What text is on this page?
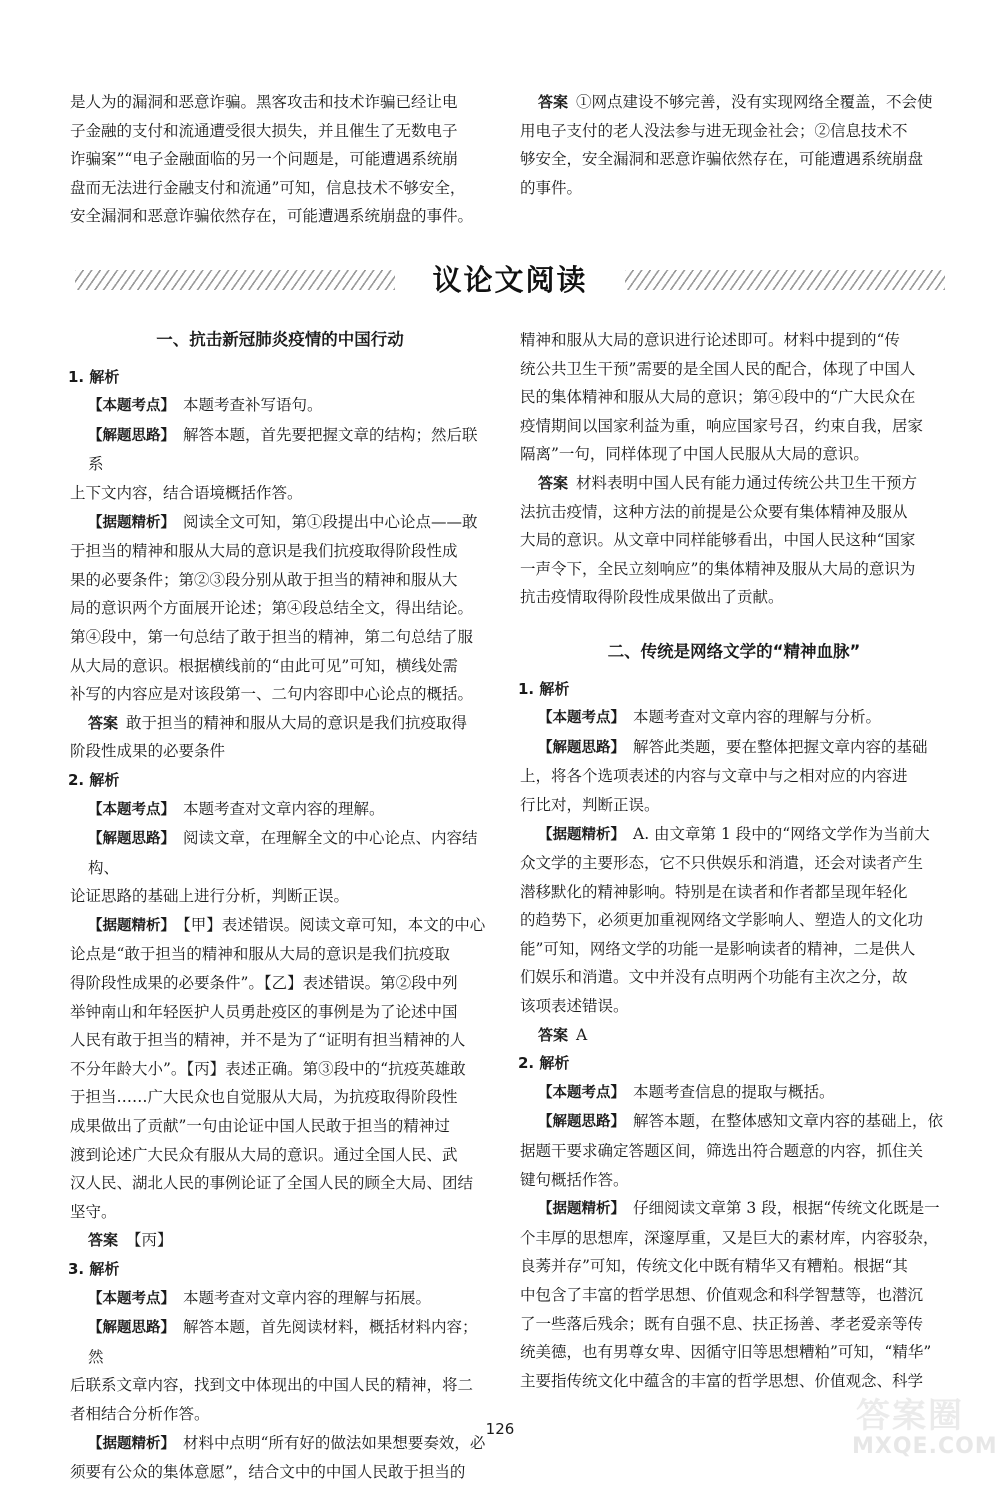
是人为的漏洞和恶意诈骗。黑客攻击和技术诈骗已经让电
子金融的支付和流通遭受很大损失，并且催生了无数电子
诈骗案”“电子金融面临的另一个问题是，可能遭遇系统崩
盘而无法进行金融支付和流通”可知，信息技术不够安全，
安全漏洞和恶意诈骗依然存在，可能遭遇系统崩盘的事件。
答案 ①网点建设不够完善，没有实现网络全覆盖，不会使
用电子支付的老人没法参与进无现金社会；②信息技术不
够安全，安全漏洞和恶意诈骗依然存在，可能遭遇系统崩盘
的事件。
议论文阅读
一、抗击新冠肺炎疫情的中国行动
1. 解析
【本题考点】 本题考查补写语句。
【解题思路】 解答本题，首先要把握文章的结构；然后联系
上下文内容，结合语境概括作答。
【据题精析】 阅读全文可知，第①段提出中心论点——敢
于担当的精神和服从大局的意识是我们抗疫取得阶段性成
果的必要条件；第②③段分别从敢于担当的精神和服从大
局的意识两个方面展开论述；第④段总结全文，得出结论。
第④段中，第一句总结了敢于担当的精神，第二句总结了服
从大局的意识。根据横线前的“由此可见”可知，横线处需
补写的内容应是对该段第一、二句内容即中心论点的概括。
答案 敢于担当的精神和服从大局的意识是我们抗疫取得
阶段性成果的必要条件
2. 解析
【本题考点】 本题考查对文章内容的理解。
【解题思路】 阅读文章，在理解全文的中心论点、内容结构、
论证思路的基础上进行分析，判断正误。
【据题精析】 【甲】表述错误。阅读文章可知，本文的中心
论点是“敢于担当的精神和服从大局的意识是我们抗疫取
得阶段性成果的必要条件”。【乙】表述错误。第②段中列
举钟南山和年轻医护人员勇赴疫区的事例是为了论述中国
人民有敢于担当的精神，并不是为了“证明有担当精神的人
不分年龄大小”。【丙】表述正确。第③段中的“抗疫英雄敢
于担当……广大民众也自觉服从大局，为抗疫取得阶段性
成果做出了贡献”一句由论证中国人民敢于担当的精神过
渡到论述广大民众有服从大局的意识。通过全国人民、武
汉人民、湖北人民的事例论证了全国人民的顾全大局、团结
坚守。
答案 【丙】
3. 解析
【本题考点】 本题考查对文章内容的理解与拓展。
【解题思路】 解答本题，首先阅读材料，概括材料内容；然
后联系文章内容，找到文中体现出的中国人民的精神，将二
者相结合分析作答。
【据题精析】 材料中点明“所有好的做法如果想要奏效，必
须要有公众的集体意愿”，结合文中的中国人民敢于担当的
精神和服从大局的意识进行论述即可。材料中提到的“传
统公共卫生干预”需要的是全国人民的配合，体现了中国人
民的集体精神和服从大局的意识；第④段中的“广大民众在
疫情期间以国家利益为重，响应国家号召，约束自我，居家
隔离”一句，同样体现了中国人民服从大局的意识。
答案 材料表明中国人民有能力通过传统公共卫生干预方
法抗击疫情，这种方法的前提是公众要有集体精神及服从
大局的意识。从文章中同样能够看出，中国人民这种“国家
一声令下，全民立刻响应”的集体精神及服从大局的意识为
抗击疫情取得阶段性成果做出了贡献。
二、传统是网络文学的“精神血脉”
1. 解析
【本题考点】 本题考查对文章内容的理解与分析。
【解题思路】 解答此类题，要在整体把握文章内容的基础
上，将各个选项表述的内容与文章中与之相对应的内容进
行比对，判断正误。
【据题精析】 A. 由文章第 1 段中的“网络文学作为当前大
众文学的主要形态，它不只供娱乐和消遣，还会对读者产生
潜移默化的精神影响。特别是在读者和作者都呈现年轻化
的趋势下，必须更加重视网络文学影响人、塑造人的文化功
能”可知，网络文学的功能一是影响读者的精神，二是供人
们娱乐和消遣。文中并没有点明两个功能有主次之分，故
该项表述错误。
答案 A
2. 解析
【本题考点】 本题考查信息的提取与概括。
【解题思路】 解答本题，在整体感知文章内容的基础上，依
据题干要求确定答题区间，筛选出符合题意的内容，抓住关
键句概括作答。
【据题精析】 仔细阅读文章第 3 段，根据“传统文化既是一
个丰厚的思想库，深邃厚重，又是巨大的素材库，内容驳杂，
良莠并存”可知，传统文化中既有精华又有糟粕。根据“其
中包含了丰富的哲学思想、价值观念和科学智慧等，也潜沉
了一些落后残余；既有自强不息、扶正扬善、孝老爱亲等传
统美德，也有男尊女卑、因循守旧等思想糟粕”可知，“精华”
主要指传统文化中蕴含的丰富的哲学思想、价值观念、科学
126	答案圈
MXQE.COM
